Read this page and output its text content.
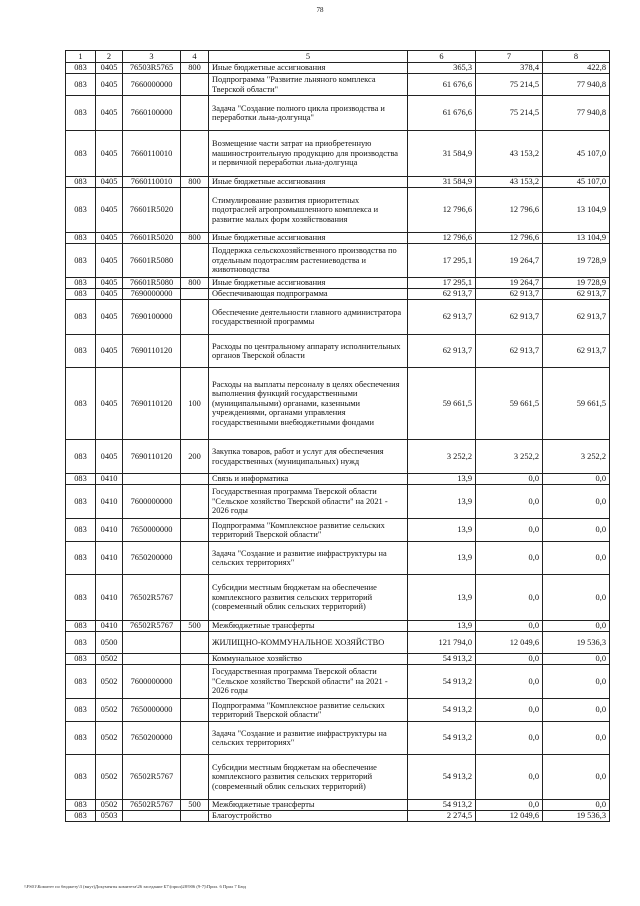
78
1	2	3	4	5	6	7	8
083	0405	76503R5765	800	Иные бюджетные ассигнования	365,3	378,4	422,8
083	0405	7660000000		Подпрограмма "Развитие льняного комплекса Тверской области"	61 676,6	75 214,5	77 940,8
083	0405	7660100000		Задача "Создание полного цикла производства и переработки льна-долгунца"	61 676,6	75 214,5	77 940,8
083	0405	7660110010		Возмещение части затрат на приобретенную машиностроительную продукцию для производства и первичной переработки льна-долгунца	31 584,9	43 153,2	45 107,0
083	0405	7660110010	800	Иные бюджетные ассигнования	31 584,9	43 153,2	45 107,0
083	0405	76601R5020		Стимулирование развития приоритетных подотраслей агропромышленного комплекса и развитие малых форм хозяйствования	12 796,6	12 796,6	13 104,9
083	0405	76601R5020	800	Иные бюджетные ассигнования	12 796,6	12 796,6	13 104,9
083	0405	76601R5080		Поддержка сельскохозяйственного производства по отдельным подотраслям растениеводства и животноводства	17 295,1	19 264,7	19 728,9
083	0405	76601R5080	800	Иные бюджетные ассигнования	17 295,1	19 264,7	19 728,9
083	0405	7690000000		Обеспечивающая подпрограмма	62 913,7	62 913,7	62 913,7
083	0405	7690100000		Обеспечение деятельности главного администратора государственной программы	62 913,7	62 913,7	62 913,7
083	0405	7690110120		Расходы по центральному аппарату исполнительных органов Тверской области	62 913,7	62 913,7	62 913,7
083	0405	7690110120	100	Расходы на выплаты персоналу в целях обеспечения выполнения функций государственными (муниципальными) органами, казенными учреждениями, органами управления государственными внебюджетными фондами	59 661,5	59 661,5	59 661,5
083	0405	7690110120	200	Закупка товаров, работ и услуг для обеспечения государственных (муниципальных) нужд	3 252,2	3 252,2	3 252,2
083	0410			Связь и информатика	13,9	0,0	0,0
083	0410	7600000000		Государственная программа Тверской области "Сельское хозяйство Тверской области" на 2021 - 2026 годы	13,9	0,0	0,0
083	0410	7650000000		Подпрограмма "Комплексное развитие сельских территорий Тверской области"	13,9	0,0	0,0
083	0410	7650200000		Задача "Создание и развитие инфраструктуры на сельских территориях"	13,9	0,0	0,0
083	0410	76502R5767		Субсидии местным бюджетам на обеспечение комплексного развития сельских территорий (современный облик сельских территорий)	13,9	0,0	0,0
083	0410	76502R5767	500	Межбюджетные трансферты	13,9	0,0	0,0
083	0500			ЖИЛИЩНО-КОММУНАЛЬНОЕ ХОЗЯЙСТВО	121 794,0	12 049,6	19 536,3
083	0502			Коммунальное хозяйство	54 913,2	0,0	0,0
083	0502	7600000000		Государственная программа Тверской области "Сельское хозяйство Тверской области" на 2021 - 2026 годы	54 913,2	0,0	0,0
083	0502	7650000000		Подпрограмма "Комплексное развитие сельских территорий Тверской области"	54 913,2	0,0	0,0
083	0502	7650200000		Задача "Создание и развитие инфраструктуры на сельских территориях"	54 913,2	0,0	0,0
083	0502	76502R5767		Субсидии местным бюджетам на обеспечение комплексного развития сельских территорий (современный облик сельских территорий)	54 913,2	0,0	0,0
083	0502	76502R5767	500	Межбюджетные трансферты	54 913,2	0,0	0,0
083	0503			Благоустройство	2 274,5	12 049,6	19 536,3
\\FS01\Комитет по бюджету\3 (внут)Документы комитета\26 заседание Б7\(прил)28\906 (9-7)\Прил. 6 Прил 7 Бюд
